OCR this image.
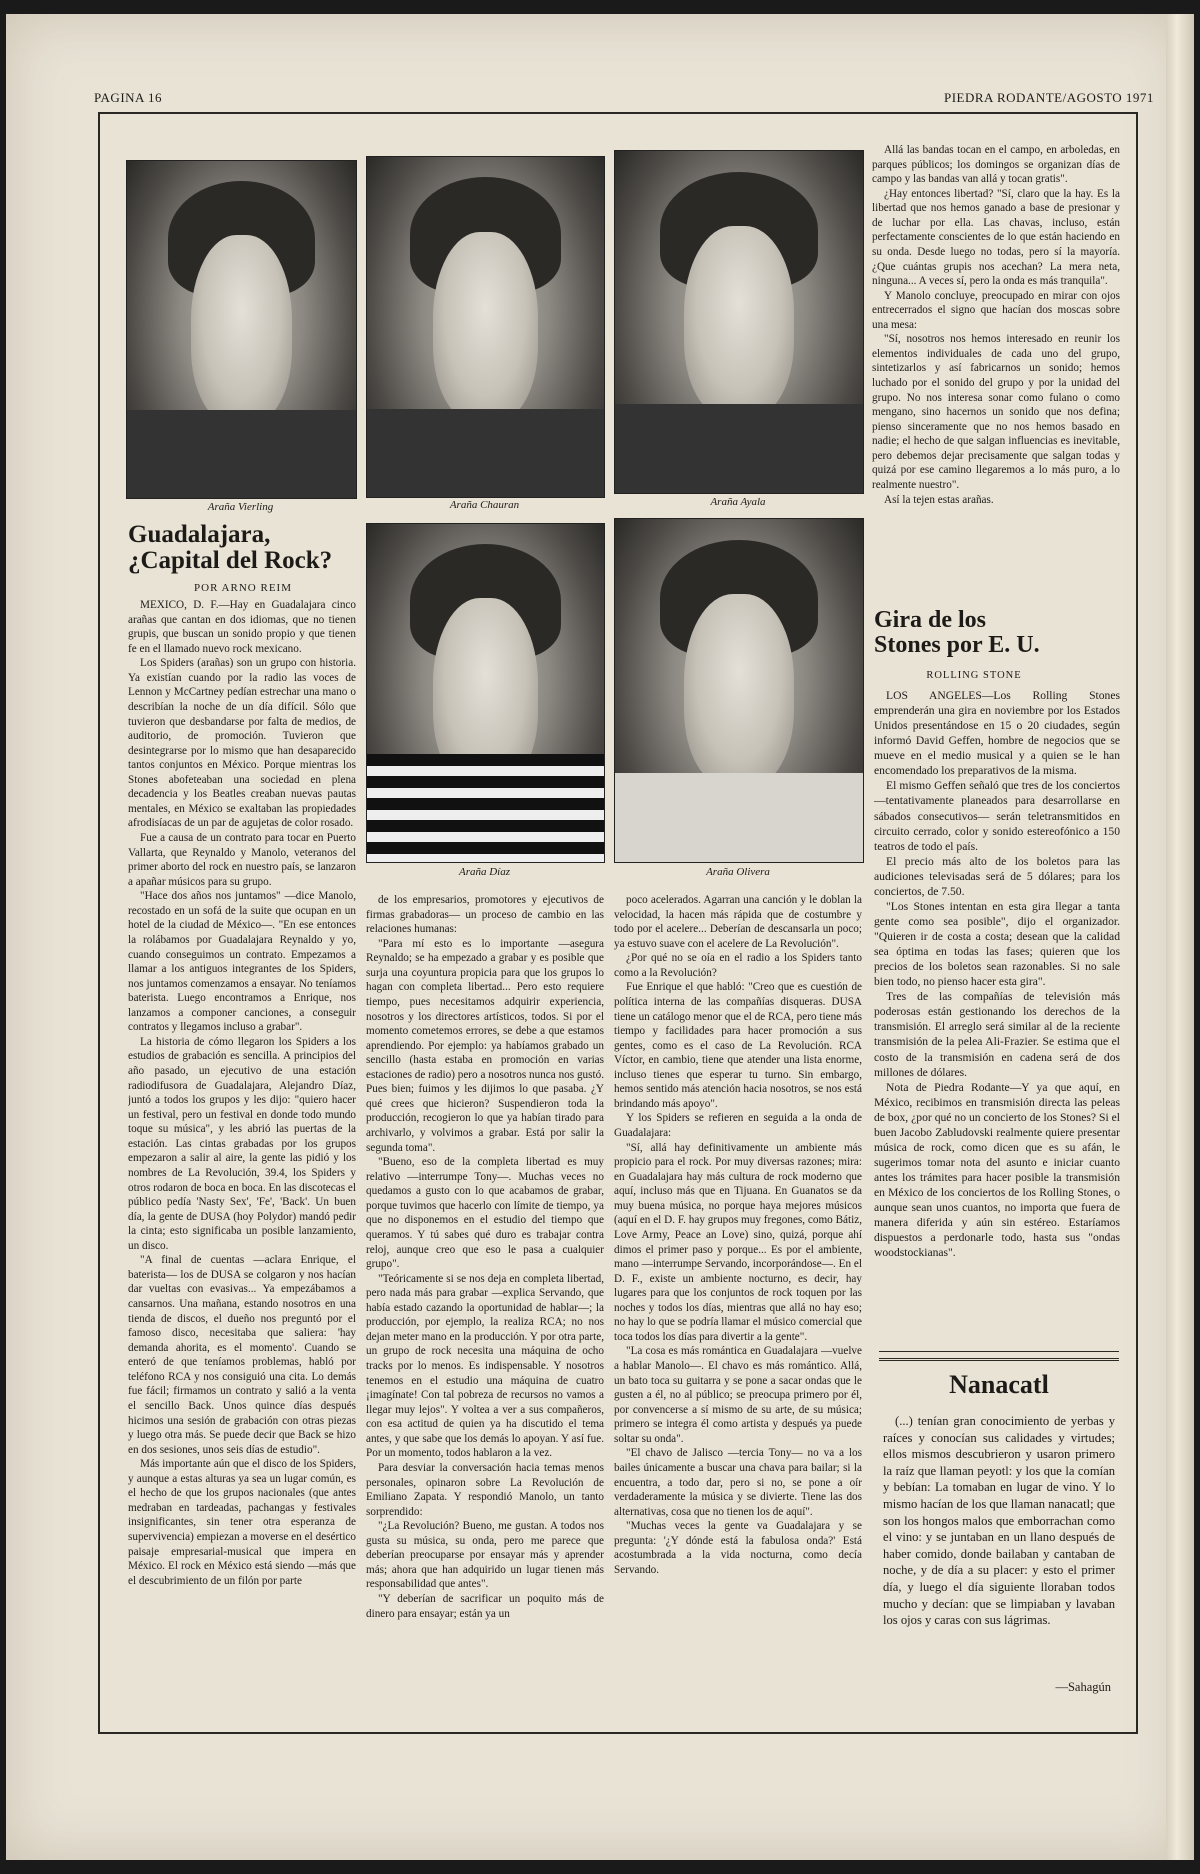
PAGINA 16	PIEDRA RODANTE/AGOSTO 1971
Araña Vierling	Araña Chauran	Araña Ayala
Araña Díaz	Araña Olivera
Guadalajara,
¿Capital del Rock?
POR ARNO REIM

MEXICO, D. F.—Hay en Guadalajara cinco arañas que cantan en dos idiomas, que no tienen grupis, que buscan un sonido propio y que tienen fe en el llamado nuevo rock mexicano.

Los Spiders (arañas) son un grupo con historia. Ya existían cuando por la radio las voces de Lennon y McCartney pedían estrechar una mano o describían la noche de un día difícil. Sólo que tuvieron que desbandarse por falta de medios, de auditorio, de promoción. Tuvieron que desintegrarse por lo mismo que han desaparecido tantos conjuntos en México. Porque mientras los Stones abofeteaban una sociedad en plena decadencia y los Beatles creaban nuevas pautas mentales, en México se exaltaban las propiedades afrodisíacas de un par de agujetas de color rosado.

Fue a causa de un contrato para tocar en Puerto Vallarta, que Reynaldo y Manolo, veteranos del primer aborto del rock en nuestro país, se lanzaron a apañar músicos para su grupo.

"Hace dos años nos juntamos" —dice Manolo, recostado en un sofá de la suite que ocupan en un hotel de la ciudad de México—. "En ese entonces la rolábamos por Guadalajara Reynaldo y yo, cuando conseguimos un contrato. Empezamos a llamar a los antiguos integrantes de los Spiders, nos juntamos comenzamos a ensayar. No teníamos baterista. Luego encontramos a Enrique, nos lanzamos a componer canciones, a conseguir contratos y llegamos incluso a grabar".

La historia de cómo llegaron los Spiders a los estudios de grabación es sencilla. A principios del año pasado, un ejecutivo de una estación radiodifusora de Guadalajara, Alejandro Díaz, juntó a todos los grupos y les dijo: "quiero hacer un festival, pero un festival en donde todo mundo toque su música", y les abrió las puertas de la estación. Las cintas grabadas por los grupos empezaron a salir al aire, la gente las pidió y los nombres de La Revolución, 39.4, los Spiders y otros rodaron de boca en boca. En las discotecas el público pedía 'Nasty Sex', 'Fe', 'Back'. Un buen día, la gente de DUSA (hoy Polydor) mandó pedir la cinta; esto significaba un posible lanzamiento, un disco.

"A final de cuentas —aclara Enrique, el baterista— los de DUSA se colgaron y nos hacían dar vueltas con evasivas... Ya empezábamos a cansarnos. Una mañana, estando nosotros en una tienda de discos, el dueño nos preguntó por el famoso disco, necesitaba que saliera: 'hay demanda ahorita, es el momento'. Cuando se enteró de que teníamos problemas, habló por teléfono RCA y nos consiguió una cita. Lo demás fue fácil; firmamos un contrato y salió a la venta el sencillo Back. Unos quince días después hicimos una sesión de grabación con otras piezas y luego otra más. Se puede decir que Back se hizo en dos sesiones, unos seis días de estudio".

Más importante aún que el disco de los Spiders, y aunque a estas alturas ya sea un lugar común, es el hecho de que los grupos nacionales (que antes medraban en tardeadas, pachangas y festivales insignificantes, sin tener otra esperanza de supervivencia) empiezan a moverse en el desértico paisaje empresarial-musical que impera en México. El rock en México está siendo —más que el descubrimiento de un filón por parte

de los empresarios, promotores y ejecutivos de firmas grabadoras— un proceso de cambio en las relaciones humanas:

"Para mí esto es lo importante —asegura Reynaldo; se ha empezado a grabar y es posible que surja una coyuntura propicia para que los grupos lo hagan con completa libertad... Pero esto requiere tiempo, pues necesitamos adquirir experiencia, nosotros y los directores artísticos, todos. Si por el momento cometemos errores, se debe a que estamos aprendiendo. Por ejemplo: ya habíamos grabado un sencillo (hasta estaba en promoción en varias estaciones de radio) pero a nosotros nunca nos gustó. Pues bien; fuimos y les dijimos lo que pasaba. ¿Y qué crees que hicieron? Suspendieron toda la producción, recogieron lo que ya habían tirado para archivarlo, y volvimos a grabar. Está por salir la segunda toma".

"Bueno, eso de la completa libertad es muy relativo —interrumpe Tony—. Muchas veces no quedamos a gusto con lo que acabamos de grabar, porque tuvimos que hacerlo con límite de tiempo, ya que no disponemos en el estudio del tiempo que queramos. Y tú sabes qué duro es trabajar contra reloj, aunque creo que eso le pasa a cualquier grupo".

"Teóricamente si se nos deja en completa libertad, pero nada más para grabar —explica Servando, que había estado cazando la oportunidad de hablar—; la producción, por ejemplo, la realiza RCA; no nos dejan meter mano en la producción. Y por otra parte, un grupo de rock necesita una máquina de ocho tracks por lo menos. Es indispensable. Y nosotros tenemos en el estudio una máquina de cuatro ¡imagínate! Con tal pobreza de recursos no vamos a llegar muy lejos". Y voltea a ver a sus compañeros, con esa actitud de quien ya ha discutido el tema antes, y que sabe que los demás lo apoyan. Y así fue. Por un momento, todos hablaron a la vez.

Para desviar la conversación hacia temas menos personales, opinaron sobre La Revolución de Emiliano Zapata. Y respondió Manolo, un tanto sorprendido:

"¿La Revolución? Bueno, me gustan. A todos nos gusta su música, su onda, pero me parece que deberían preocuparse por ensayar más y aprender más; ahora que han adquirido un lugar tienen más responsabilidad que antes".

"Y deberían de sacrificar un poquito más de dinero para ensayar; están ya un

poco acelerados. Agarran una canción y le doblan la velocidad, la hacen más rápida que de costumbre y todo por el acelere... Deberían de descansarla un poco; ya estuvo suave con el acelere de La Revolución".

¿Por qué no se oía en el radio a los Spiders tanto como a la Revolución?

Fue Enrique el que habló: "Creo que es cuestión de política interna de las compañías disqueras. DUSA tiene un catálogo menor que el de RCA, pero tiene más tiempo y facilidades para hacer promoción a sus gentes, como es el caso de La Revolución. RCA Víctor, en cambio, tiene que atender una lista enorme, incluso tienes que esperar tu turno. Sin embargo, hemos sentido más atención hacia nosotros, se nos está brindando más apoyo".

Y los Spiders se refieren en seguida a la onda de Guadalajara:

"Sí, allá hay definitivamente un ambiente más propicio para el rock. Por muy diversas razones; mira: en Guadalajara hay más cultura de rock moderno que aquí, incluso más que en Tijuana. En Guanatos se da muy buena música, no porque haya mejores músicos (aquí en el D. F. hay grupos muy fregones, como Bátiz, Love Army, Peace an Love) sino, quizá, porque ahí dimos el primer paso y porque... Es por el ambiente, mano —interrumpe Servando, incorporándose—. En el D. F., existe un ambiente nocturno, es decir, hay lugares para que los conjuntos de rock toquen por las noches y todos los días, mientras que allá no hay eso; no hay lo que se podría llamar el músico comercial que toca todos los días para divertir a la gente".

"La cosa es más romántica en Guadalajara —vuelve a hablar Manolo—. El chavo es más romántico. Allá, un bato toca su guitarra y se pone a sacar ondas que le gusten a él, no al público; se preocupa primero por él, por convencerse a sí mismo de su arte, de su música; primero se integra él como artista y después ya puede soltar su onda".

"El chavo de Jalisco —tercia Tony— no va a los bailes únicamente a buscar una chava para bailar; si la encuentra, a todo dar, pero si no, se pone a oír verdaderamente la música y se divierte. Tiene las dos alternativas, cosa que no tienen los de aquí".

"Muchas veces la gente va Guadalajara y se pregunta: '¿Y dónde está la fabulosa onda?' Está acostumbrada a la vida nocturna, como decía Servando.

Allá las bandas tocan en el campo, en arboledas, en parques públicos; los domingos se organizan días de campo y las bandas van allá y tocan gratis".

¿Hay entonces libertad? "Sí, claro que la hay. Es la libertad que nos hemos ganado a base de presionar y de luchar por ella. Las chavas, incluso, están perfectamente conscientes de lo que están haciendo en su onda. Desde luego no todas, pero sí la mayoría. ¿Que cuántas grupis nos acechan? La mera neta, ninguna... A veces sí, pero la onda es más tranquila".

Y Manolo concluye, preocupado en mirar con ojos entrecerrados el signo que hacían dos moscas sobre una mesa:

"Sí, nosotros nos hemos interesado en reunir los elementos individuales de cada uno del grupo, sintetizarlos y así fabricarnos un sonido; hemos luchado por el sonido del grupo y por la unidad del grupo. No nos interesa sonar como fulano o como mengano, sino hacernos un sonido que nos defina; pienso sinceramente que no nos hemos basado en nadie; el hecho de que salgan influencias es inevitable, pero debemos dejar precisamente que salgan todas y quizá por ese camino llegaremos a lo más puro, a lo realmente nuestro".

Así la tejen estas arañas.

Gira de los
Stones por E. U.
ROLLING STONE

LOS ANGELES—Los Rolling Stones emprenderán una gira en noviembre por los Estados Unidos presentándose en 15 o 20 ciudades, según informó David Geffen, hombre de negocios que se mueve en el medio musical y a quien se le han encomendado los preparativos de la misma.

El mismo Geffen señaló que tres de los conciertos —tentativamente planeados para desarrollarse en sábados consecutivos— serán teletransmitidos en circuito cerrado, color y sonido estereofónico a 150 teatros de todo el país.

El precio más alto de los boletos para las audiciones televisadas será de 5 dólares; para los conciertos, de 7.50.

"Los Stones intentan en esta gira llegar a tanta gente como sea posible", dijo el organizador. "Quieren ir de costa a costa; desean que la calidad sea óptima en todas las fases; quieren que los precios de los boletos sean razonables. Si no sale bien todo, no pienso hacer esta gira".

Tres de las compañías de televisión más poderosas están gestionando los derechos de la transmisión. El arreglo será similar al de la reciente transmisión de la pelea Ali-Frazier. Se estima que el costo de la transmisión en cadena será de dos millones de dólares.

Nota de Piedra Rodante—Y ya que aquí, en México, recibimos en transmisión directa las peleas de box, ¿por qué no un concierto de los Stones? Si el buen Jacobo Zabludovski realmente quiere presentar música de rock, como dicen que es su afán, le sugerimos tomar nota del asunto e iniciar cuanto antes los trámites para hacer posible la transmisión en México de los conciertos de los Rolling Stones, o aunque sean unos cuantos, no importa que fuera de manera diferida y aún sin estéreo. Estaríamos dispuestos a perdonarle todo, hasta sus "ondas woodstockianas".

Nanacatl

(...) tenían gran conocimiento de yerbas y raíces y conocían sus calidades y virtudes; ellos mismos descubrieron y usaron primero la raíz que llaman peyotl: y los que la comían y bebían: La tomaban en lugar de vino. Y lo mismo hacían de los que llaman nanacatl; que son los hongos malos que emborrachan como el vino: y se juntaban en un llano después de haber comido, donde bailaban y cantaban de noche, y de día a su placer: y esto el primer día, y luego el día siguiente lloraban todos mucho y decían: que se limpiaban y lavaban los ojos y caras con sus lágrimas.

—Sahagún
